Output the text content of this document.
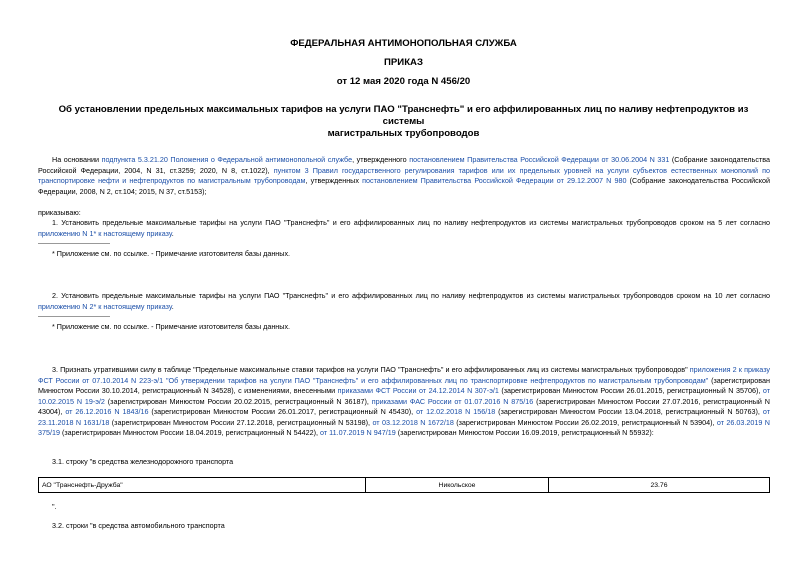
ФЕДЕРАЛЬНАЯ АНТИМОНОПОЛЬНАЯ СЛУЖБА
ПРИКАЗ
от 12 мая 2020 года N 456/20
Об установлении предельных максимальных тарифов на услуги ПАО "Транснефть" и его аффилированных лиц по наливу нефтепродуктов из системы
магистральных трубопроводов
На основании подпункта 5.3.21.20 Положения о Федеральной антимонопольной службе, утвержденного постановлением Правительства Российской Федерации от 30.06.2004 N 331 (Собрание законодательства Российской Федерации, 2004, N 31, ст.3259; 2020, N 8, ст.1022), пунктом 3 Правил государственного регулирования тарифов или их предельных уровней на услуги субъектов естественных монополий по транспортировке нефти и нефтепродуктов по магистральным трубопроводам, утвержденных постановлением Правительства Российской Федерации от 29.12.2007 N 980 (Собрание законодательства Российской Федерации, 2008, N 2, ст.104; 2015, N 37, ст.5153);
приказываю:
1. Установить предельные максимальные тарифы на услуги ПАО "Транснефть" и его аффилированных лиц по наливу нефтепродуктов из системы магистральных трубопроводов сроком на 5 лет согласно приложению N 1* к настоящему приказу.
* Приложение см. по ссылке. - Примечание изготовителя базы данных.
2. Установить предельные максимальные тарифы на услуги ПАО "Транснефть" и его аффилированных лиц по наливу нефтепродуктов из системы магистральных трубопроводов сроком на 10 лет согласно приложению N 2* к настоящему приказу.
* Приложение см. по ссылке. - Примечание изготовителя базы данных.
3. Признать утратившими силу в таблице "Предельные максимальные ставки тарифов на услуги ПАО "Транснефть" и его аффилированных лиц из системы магистральных трубопроводов" приложения 2 к приказу ФСТ России от 07.10.2014 N 223-э/1 "Об утверждении тарифов на услуги ПАО "Транснефть" и его аффилированных лиц по транспортировке нефтепродуктов по магистральным трубопроводам" (зарегистрирован Минюстом России 30.10.2014, регистрационный N 34528), с изменениями, внесенными приказами ФСТ России от 24.12.2014 N 307-э/1 (зарегистрирован Минюстом России 26.01.2015, регистрационный N 35706), от 10.02.2015 N 19-э/2 (зарегистрирован Минюстом России 20.02.2015, регистрационный N 36187), приказами ФАС России от 01.07.2016 N 875/16 (зарегистрирован Минюстом России 27.07.2016, регистрационный N 43004), от 26.12.2016 N 1843/16 (зарегистрирован Минюстом России 26.01.2017, регистрационный N 45430), от 12.02.2018 N 156/18 (зарегистрирован Минюстом России 13.04.2018, регистрационный N 50763), от 23.11.2018 N 1631/18 (зарегистрирован Минюстом России 27.12.2018, регистрационный N 53198), от 03.12.2018 N 1672/18 (зарегистрирован Минюстом России 26.02.2019, регистрационный N 53904), от 26.03.2019 N 375/19 (зарегистрирован Минюстом России 18.04.2019, регистрационный N 54422), от 11.07.2019 N 947/19 (зарегистрирован Минюстом России 16.09.2019, регистрационный N 55932):
3.1. строку "в средства железнодорожного транспорта
АО "Транснефть-Дружба"	Никольское	23.76
".
3.2. строки "в средства автомобильного транспорта
